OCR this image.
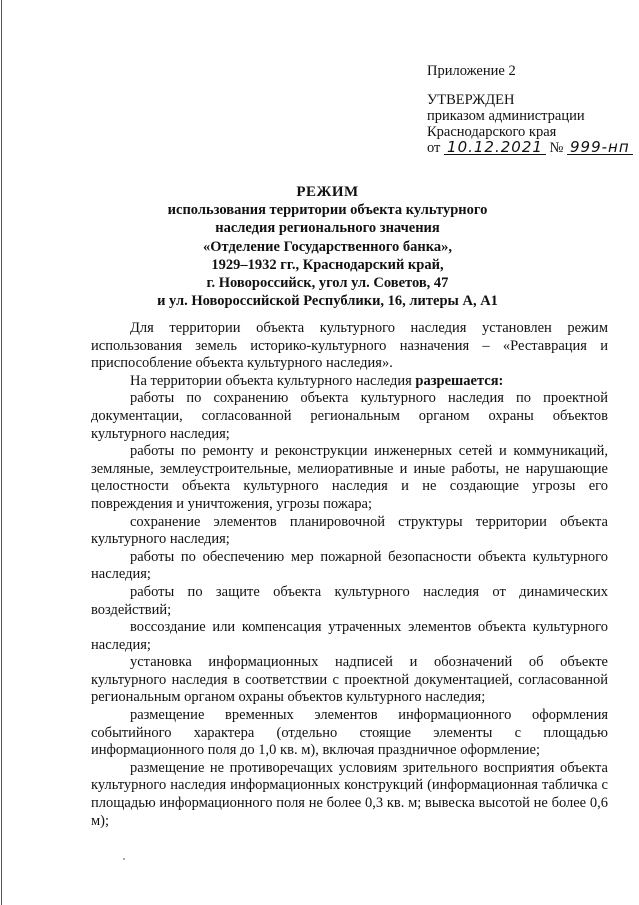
Приложение 2
УТВЕРЖДЕН
приказом администрации
Краснодарского края
от 10.12.2021 № 999-нп
РЕЖИМ
использования территории объекта культурного
наследия регионального значения
«Отделение Государственного банка»,
1929–1932 гг., Краснодарский край,
г. Новороссийск, угол ул. Советов, 47
и ул. Новороссийской Республики, 16, литеры А, А1

Для территории объекта культурного наследия установлен режим использования земель историко-культурного назначения – «Реставрация и приспособление объекта культурного наследия».

На территории объекта культурного наследия разрешается:

работы по сохранению объекта культурного наследия по проектной документации, согласованной региональным органом охраны объектов культурного наследия;

работы по ремонту и реконструкции инженерных сетей и коммуникаций, земляные, землеустроительные, мелиоративные и иные работы, не нарушающие целостности объекта культурного наследия и не создающие угрозы его повреждения и уничтожения, угрозы пожара;

сохранение элементов планировочной структуры территории объекта культурного наследия;

работы по обеспечению мер пожарной безопасности объекта культурного наследия;

работы по защите объекта культурного наследия от динамических воздействий;

воссоздание или компенсация утраченных элементов объекта культурного наследия;

установка информационных надписей и обозначений об объекте культурного наследия в соответствии с проектной документацией, согласованной региональным органом охраны объектов культурного наследия;

размещение временных элементов информационного оформления событийного характера (отдельно стоящие элементы с площадью информационного поля до 1,0 кв. м), включая праздничное оформление;

размещение не противоречащих условиям зрительного восприятия объекта культурного наследия информационных конструкций (информационная табличка с площадью информационного поля не более 0,3 кв. м; вывеска высотой не более 0,6 м);
